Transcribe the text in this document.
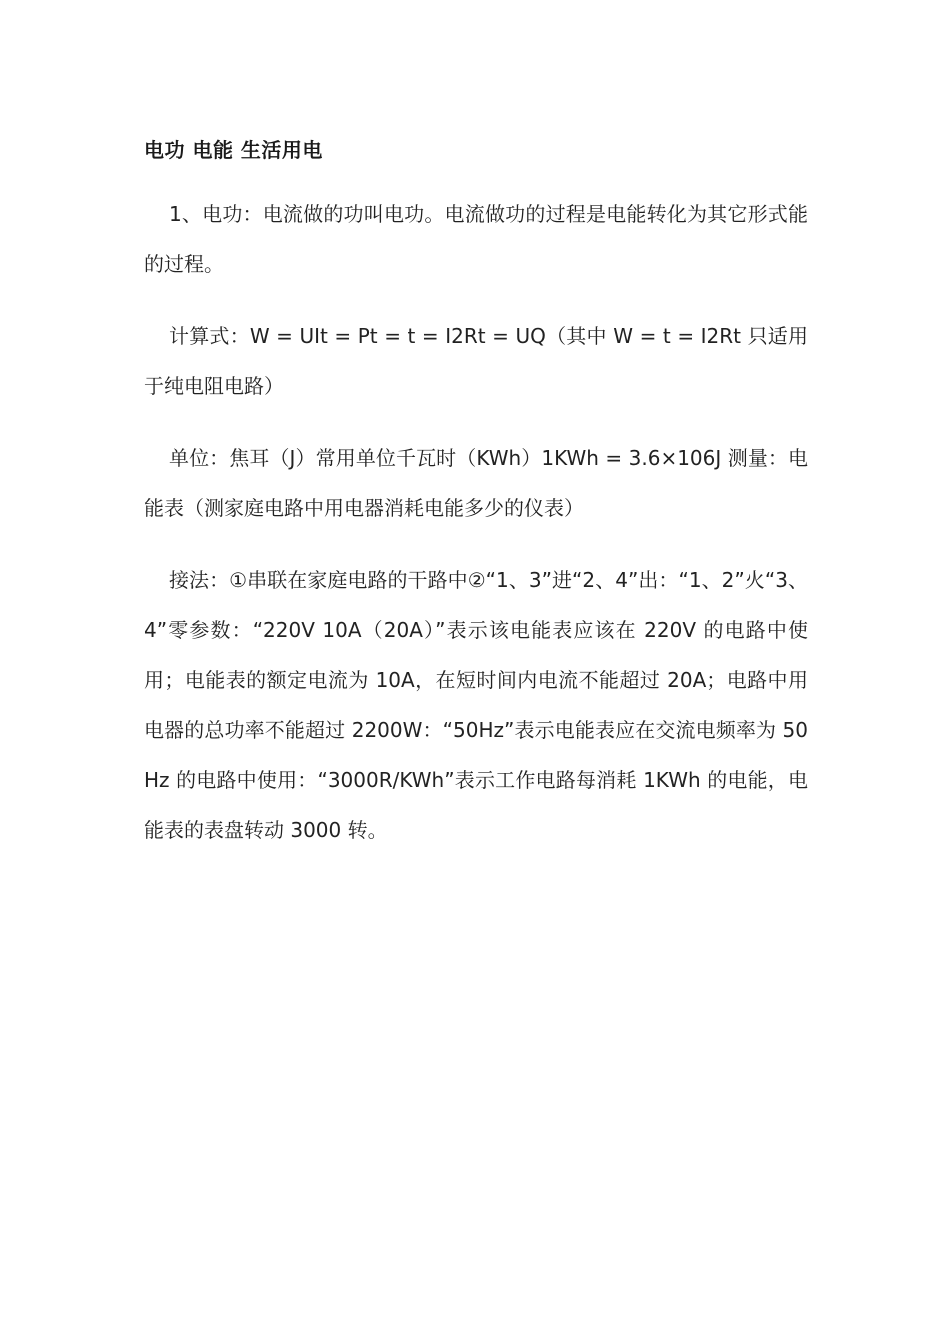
电功 电能 生活用电

1、电功：电流做的功叫电功。电流做功的过程是电能转化为其它形式能的过程。

计算式：W = UIt = Pt = t = I2Rt = UQ（其中 W = t = I2Rt 只适用于纯电阻电路）

单位：焦耳（J）常用单位千瓦时（KWh）1KWh = 3.6×106J 测量：电能表（测家庭电路中用电器消耗电能多少的仪表）

接法：①串联在家庭电路的干路中②“1、3”进“2、4”出：“1、2”火“3、4”零参数：“220V 10A（20A）”表示该电能表应该在 220V 的电路中使用；电能表的额定电流为 10A，在短时间内电流不能超过 20A；电路中用电器的总功率不能超过 2200W：“50Hz”表示电能表应在交流电频率为 50Hz 的电路中使用：“3000R/KWh”表示工作电路每消耗 1KWh 的电能，电能表的表盘转动 3000 转。
